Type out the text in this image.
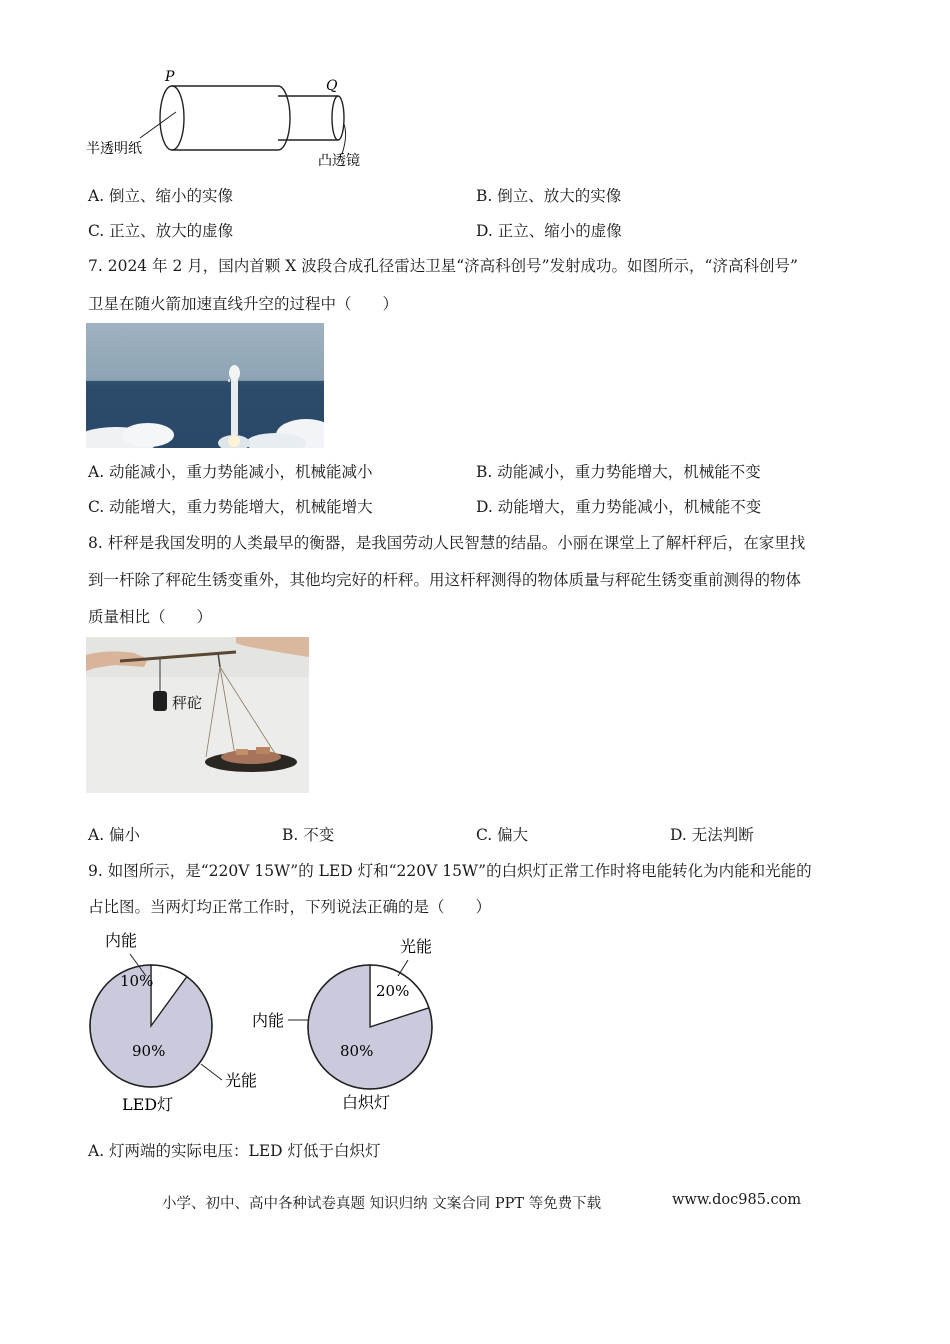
P
Q
半透明纸
凸透镜
A. 倒立、缩小的实像	B. 倒立、放大的实像
C. 正立、放大的虚像	D. 正立、缩小的虚像
7. 2024 年 2 月，国内首颗 X 波段合成孔径雷达卫星“济高科创号”发射成功。如图所示，“济高科创号”
卫星在随火箭加速直线升空的过程中（　　）
A. 动能减小，重力势能减小，机械能减小	B. 动能减小，重力势能增大，机械能不变
C. 动能增大，重力势能增大，机械能增大	D. 动能增大，重力势能减小，机械能不变
8. 杆秤是我国发明的人类最早的衡器，是我国劳动人民智慧的结晶。小丽在课堂上了解杆秤后，在家里找
到一杆除了秤砣生锈变重外，其他均完好的杆秤。用这杆秤测得的物体质量与秤砣生锈变重前测得的物体
质量相比（　　）
秤砣
A. 偏小	B. 不变	C. 偏大	D. 无法判断
9. 如图所示，是“220V 15W”的 LED 灯和“220V 15W”的白炽灯正常工作时将电能转化为内能和光能的
占比图。当两灯均正常工作时，下列说法正确的是（　　）
内能
10%
90%
光能
LED灯
光能
20%
内能
80%
白炽灯
A. 灯两端的实际电压：LED 灯低于白炽灯
小学、初中、高中各种试卷真题 知识归纳 文案合同 PPT 等免费下载	www.doc985.com
